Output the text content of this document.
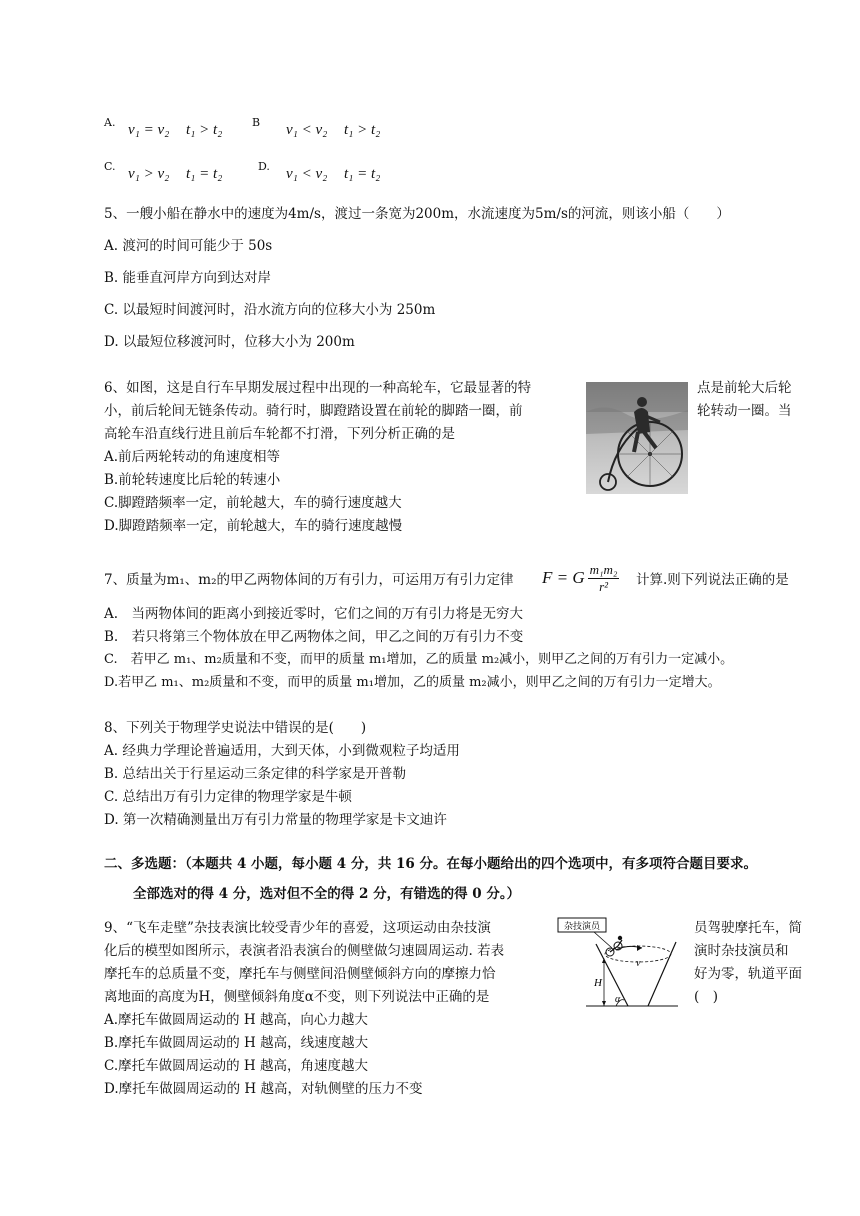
A. v₁ = v₂ t₁ > t₂	B v₁ < v₂ t₁ > t₂
C. v₁ > v₂ t₁ = t₂	D. v₁ < v₂ t₁ = t₂
5、一艘小船在静水中的速度为4m/s，渡过一条宽为200m，水流速度为5m/s的河流，则该小船（　　）
A. 渡河的时间可能少于 50s
B. 能垂直河岸方向到达对岸
C. 以最短时间渡河时，沿水流方向的位移大小为 250m
D. 以最短位移渡河时，位移大小为 200m
6、如图，这是自行车早期发展过程中出现的一种高轮车，它最显著的特	点是前轮大后轮
小，前后轮间无链条传动。骑行时，脚蹬踏设置在前轮的脚踏一圈，前	轮转动一圈。当
高轮车沿直线行进且前后车轮都不打滑，下列分析正确的是
A.前后两轮转动的角速度相等
B.前轮转速度比后轮的转速小
C.脚蹬踏频率一定，前轮越大，车的骑行速度越大
D.脚蹬踏频率一定，前轮越大，车的骑行速度越慢
7、质量为m₁、m₂的甲乙两物体间的万有引力，可运用万有引力定律 F = G $\frac{\text{m₁m₂}}{\text{r²}}$ 计算.则下列说法正确的是
A.　当两物体间的距离小到接近零时，它们之间的万有引力将是无穷大
B.　若只将第三个物体放在甲乙两物体之间，甲乙之间的万有引力不变
C.　若甲乙 m₁、m₂质量和不变，而甲的质量 m₁增加，乙的质量 m₂减小，则甲乙之间的万有引力一定减小。
D.若甲乙 m₁、m₂质量和不变，而甲的质量 m₁增加，乙的质量 m₂减小，则甲乙之间的万有引力一定增大。
8、下列关于物理学史说法中错误的是(　　)
A. 经典力学理论普遍适用，大到天体，小到微观粒子均适用
B. 总结出关于行星运动三条定律的科学家是开普勒
C. 总结出万有引力定律的物理学家是牛顿
D. 第一次精确测量出万有引力常量的物理学家是卡文迪许
二、多选题：（本题共 4 小题，每小题 4 分，共 16 分。在每小题给出的四个选项中，有多项符合题目要求。
全部选对的得 4 分，选对但不全的得 2 分，有错选的得 0 分。）
9、“飞车走壁”杂技表演比较受青少年的喜爱，这项运动由杂技演	员驾驶摩托车，简
化后的模型如图所示，表演者沿表演台的侧壁做匀速圆周运动. 若表	演时杂技演员和
摩托车的总质量不变，摩托车与侧壁间沿侧壁倾斜方向的摩擦力恰	好为零，轨道平面
离地面的高度为H，侧壁倾斜角度α不变，则下列说法中正确的是	(　)
A.摩托车做圆周运动的 H 越高，向心力越大
B.摩托车做圆周运动的 H 越高，线速度越大
C.摩托车做圆周运动的 H 越高，角速度越大
D.摩托车做圆周运动的 H 越高，对轨侧壁的压力不变
杂技演员
v
H
α
